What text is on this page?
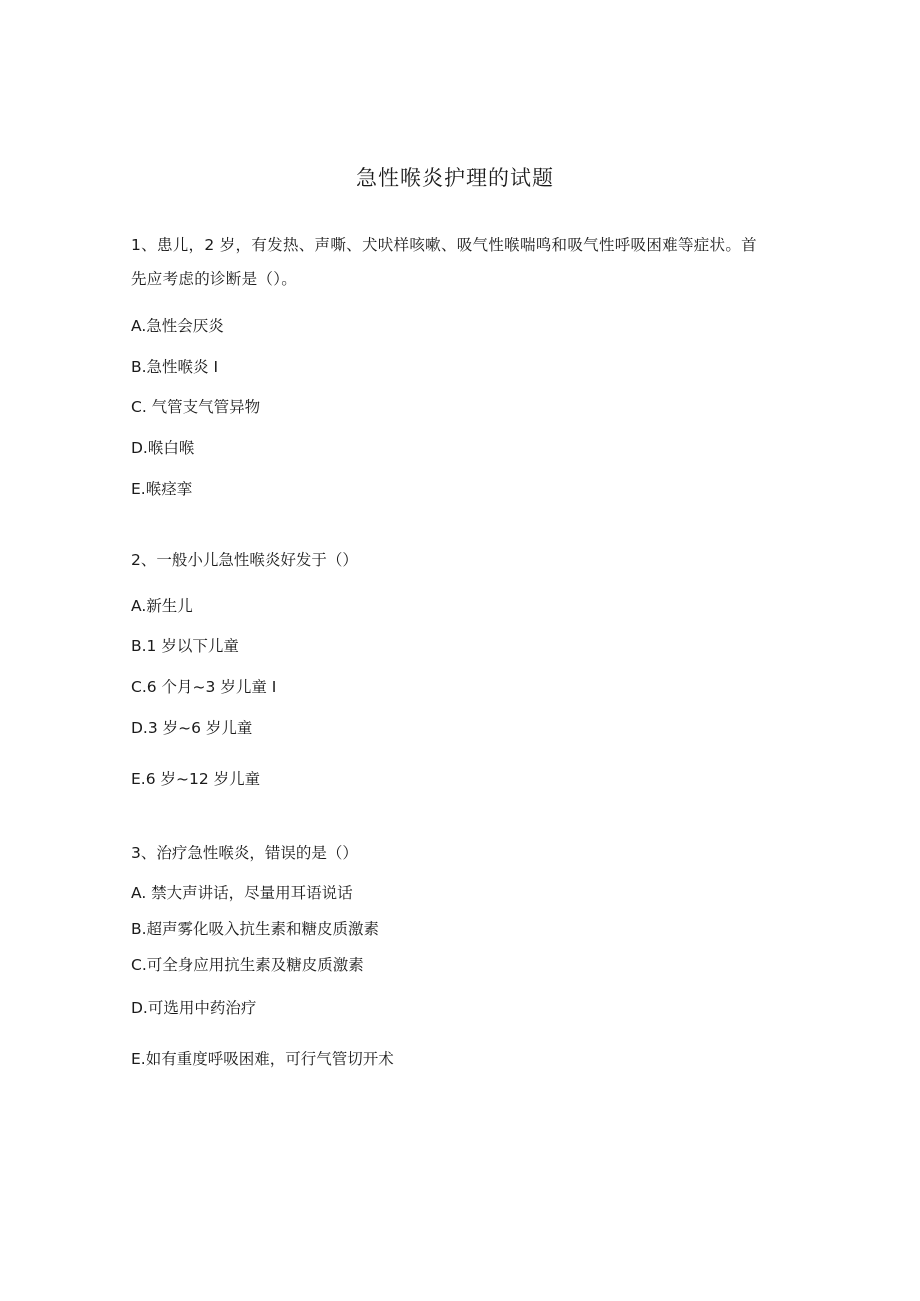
急性喉炎护理的试题
1、患儿，2 岁，有发热、声嘶、犬吠样咳嗽、吸气性喉喘鸣和吸气性呼吸困难等症状。首先应考虑的诊断是（）。
A.急性会厌炎
B.急性喉炎 I
C. 气管支气管异物
D.喉白喉
E.喉痉挛
2、一般小儿急性喉炎好发于（）
A.新生儿
B.1 岁以下儿童
C.6 个月~3 岁儿童 I
D.3 岁~6 岁儿童
E.6 岁~12 岁儿童
3、治疗急性喉炎，错误的是（）
A. 禁大声讲话，尽量用耳语说话
B.超声雾化吸入抗生素和糖皮质激素
C.可全身应用抗生素及糖皮质激素
D.可选用中药治疗
E.如有重度呼吸困难，可行气管切开术
